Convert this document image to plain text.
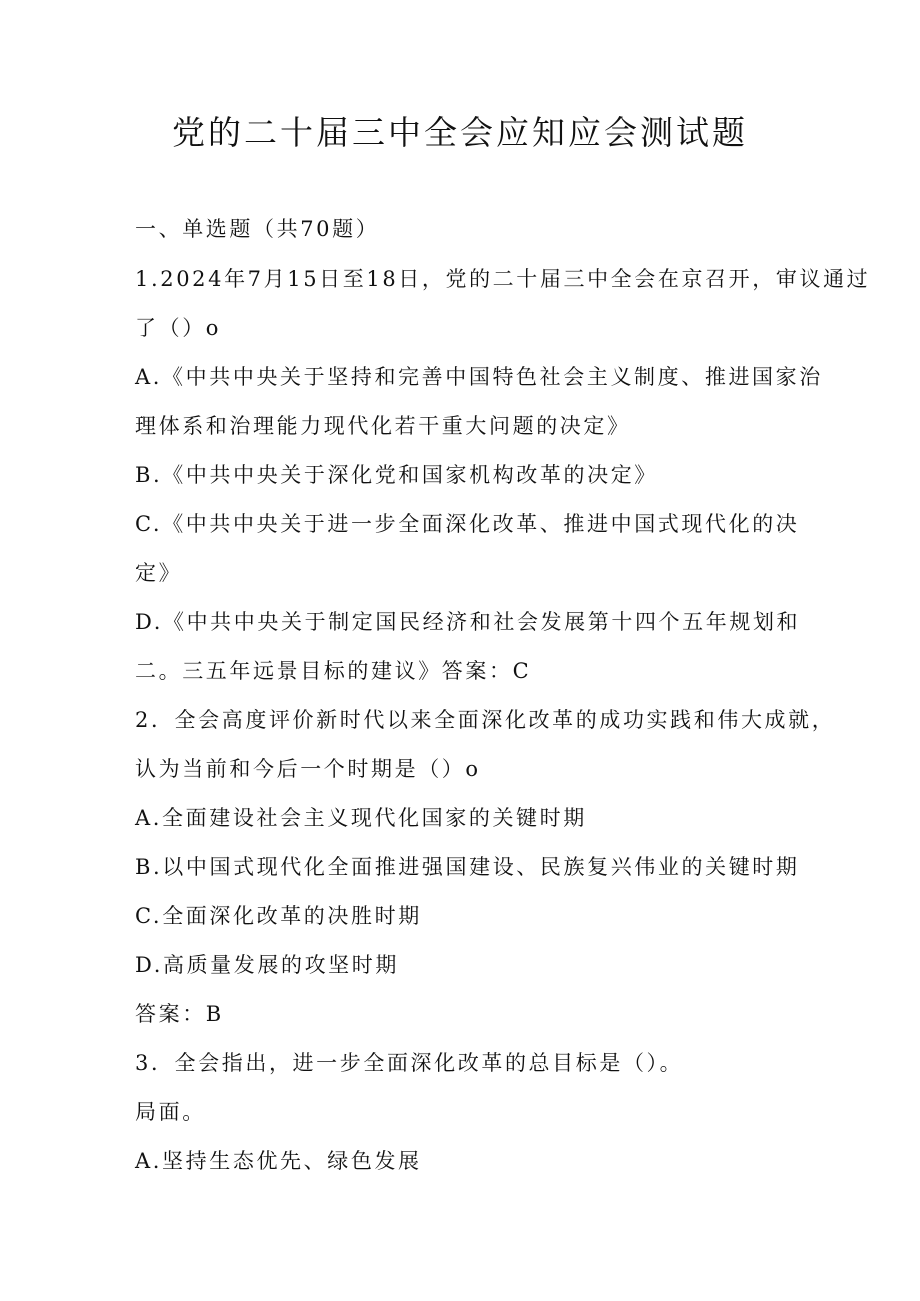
党的二十届三中全会应知应会测试题
一、单选题（共70题）
1.2024年7月15日至18日，党的二十届三中全会在京召开，审议通过
了（）o
A.《中共中央关于坚持和完善中国特色社会主义制度、推进国家治
理体系和治理能力现代化若干重大问题的决定》
B.《中共中央关于深化党和国家机构改革的决定》
C.《中共中央关于进一步全面深化改革、推进中国式现代化的决
定》
D.《中共中央关于制定国民经济和社会发展第十四个五年规划和
二。三五年远景目标的建议》答案：C
2．全会高度评价新时代以来全面深化改革的成功实践和伟大成就，
认为当前和今后一个时期是（）o
A.全面建设社会主义现代化国家的关键时期
B.以中国式现代化全面推进强国建设、民族复兴伟业的关键时期
C.全面深化改革的决胜时期
D.高质量发展的攻坚时期
答案：B
3．全会指出，进一步全面深化改革的总目标是（）。
局面。
A.坚持生态优先、绿色发展
